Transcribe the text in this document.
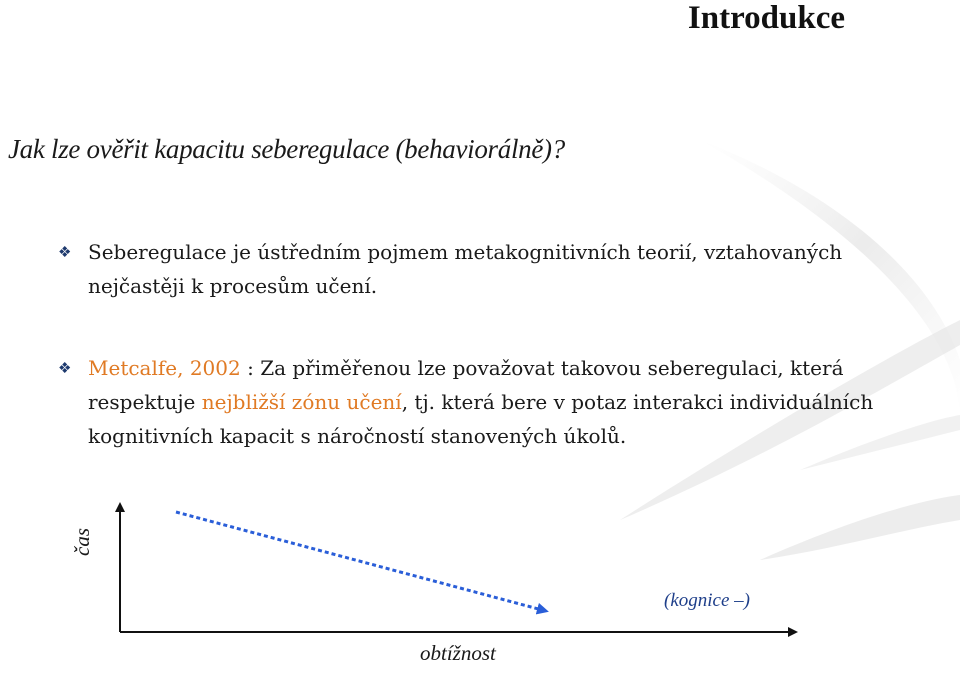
Introdukce
Jak lze ověřit kapacitu seberegulace (behaviorálně)?
❖ Seberegulace je ústředním pojmem metakognitivních teorií, vztahovaných nejčastěji k procesům učení.
❖ Metcalfe, 2002 : Za přiměřenou lze považovat takovou seberegulaci, která respektuje nejbližší zónu učení, tj. která bere v potaz interakci individuálních kognitivních kapacit s náročností stanovených úkolů.
čas
obtížnost
(kognice –)
